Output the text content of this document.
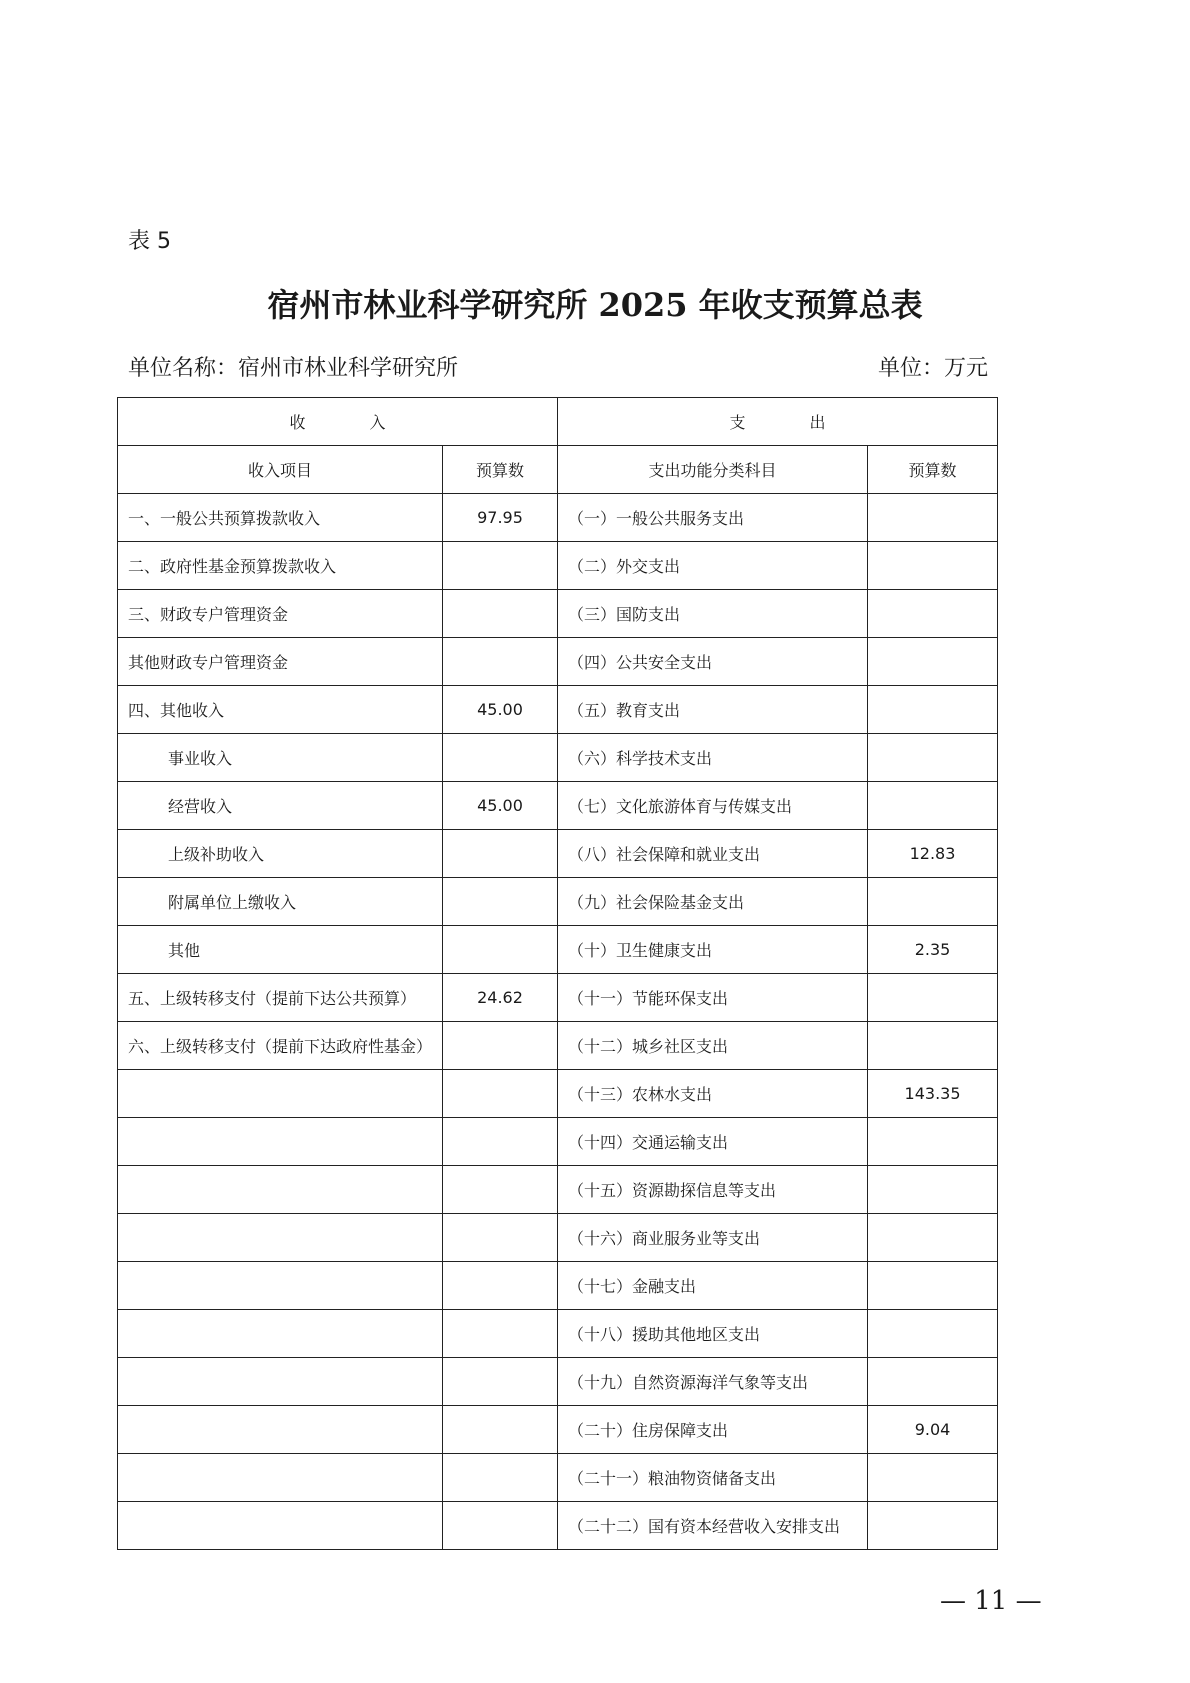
表 5
宿州市林业科学研究所 2025 年收支预算总表
单位名称：宿州市林业科学研究所	单位：万元
收　　　　入		支　　　　出	
收入项目	预算数	支出功能分类科目	预算数
一、一般公共预算拨款收入	97.95	（一）一般公共服务支出	
二、政府性基金预算拨款收入		（二）外交支出	
三、财政专户管理资金		（三）国防支出	
其他财政专户管理资金		（四）公共安全支出	
四、其他收入	45.00	（五）教育支出	
事业收入		（六）科学技术支出	
经营收入	45.00	（七）文化旅游体育与传媒支出	
上级补助收入		（八）社会保障和就业支出	12.83
附属单位上缴收入		（九）社会保险基金支出	
其他		（十）卫生健康支出	2.35
五、上级转移支付（提前下达公共预算）	24.62	（十一）节能环保支出	
六、上级转移支付（提前下达政府性基金）		（十二）城乡社区支出	
		（十三）农林水支出	143.35
		（十四）交通运输支出	
		（十五）资源勘探信息等支出	
		（十六）商业服务业等支出	
		（十七）金融支出	
		（十八）援助其他地区支出	
		（十九）自然资源海洋气象等支出	
		（二十）住房保障支出	9.04
		（二十一）粮油物资储备支出	
		（二十二）国有资本经营收入安排支出	
— 11 —
